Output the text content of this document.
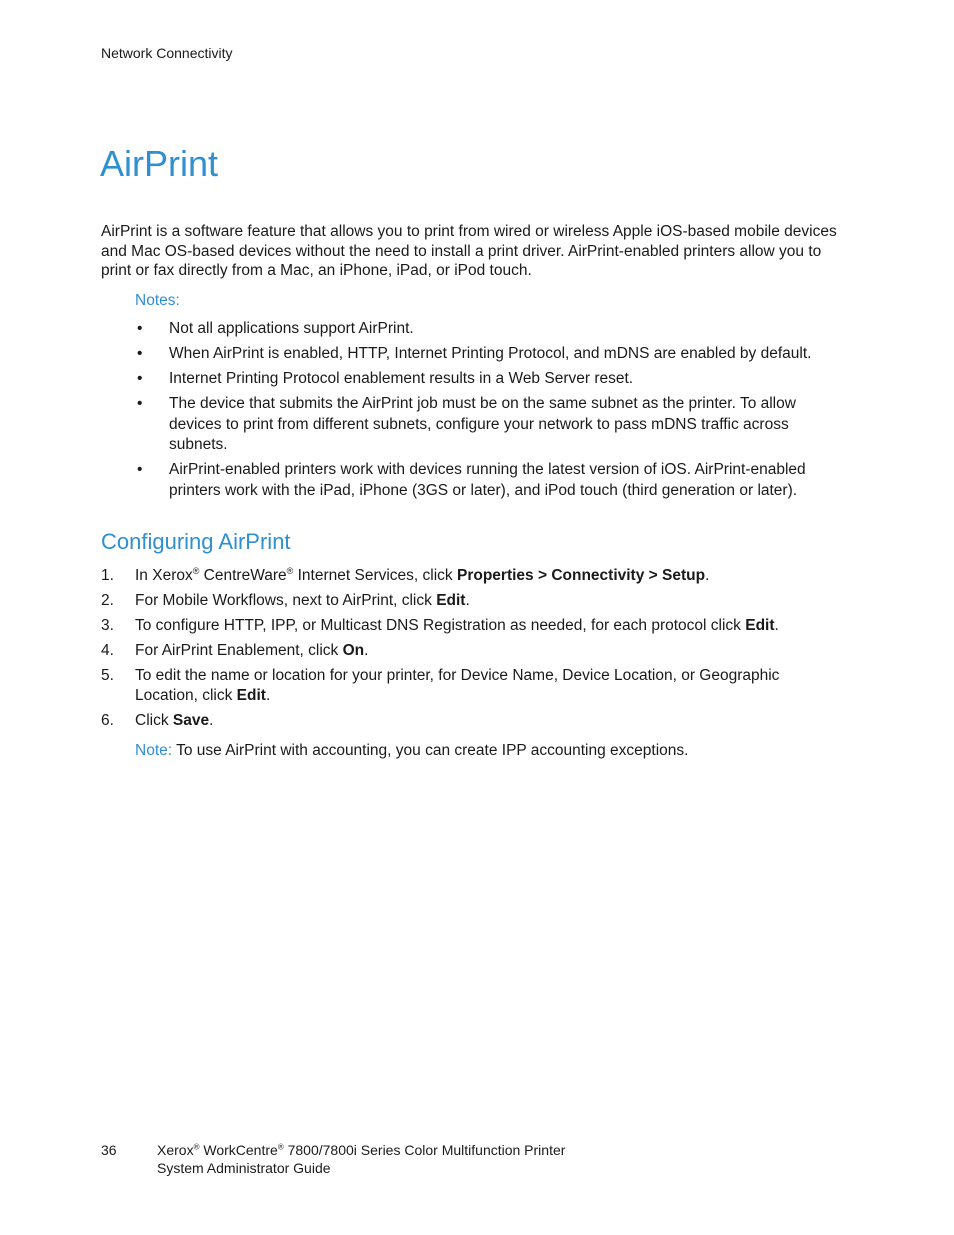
Network Connectivity
AirPrint

AirPrint is a software feature that allows you to print from wired or wireless Apple iOS-based mobile devices and Mac OS-based devices without the need to install a print driver. AirPrint-enabled printers allow you to print or fax directly from a Mac, an iPhone, iPad, or iPod touch.

Notes:
• Not all applications support AirPrint.
• When AirPrint is enabled, HTTP, Internet Printing Protocol, and mDNS are enabled by default.
• Internet Printing Protocol enablement results in a Web Server reset.
• The device that submits the AirPrint job must be on the same subnet as the printer. To allow devices to print from different subnets, configure your network to pass mDNS traffic across subnets.
• AirPrint-enabled printers work with devices running the latest version of iOS. AirPrint-enabled printers work with the iPad, iPhone (3GS or later), and iPod touch (third generation or later).
Configuring AirPrint
1. In Xerox® CentreWare® Internet Services, click Properties > Connectivity > Setup.
2. For Mobile Workflows, next to AirPrint, click Edit.
3. To configure HTTP, IPP, or Multicast DNS Registration as needed, for each protocol click Edit.
4. For AirPrint Enablement, click On.
5. To edit the name or location for your printer, for Device Name, Device Location, or Geographic Location, click Edit.
6. Click Save.
Note: To use AirPrint with accounting, you can create IPP accounting exceptions.
36	Xerox® WorkCentre® 7800/7800i Series Color Multifunction Printer
System Administrator Guide
